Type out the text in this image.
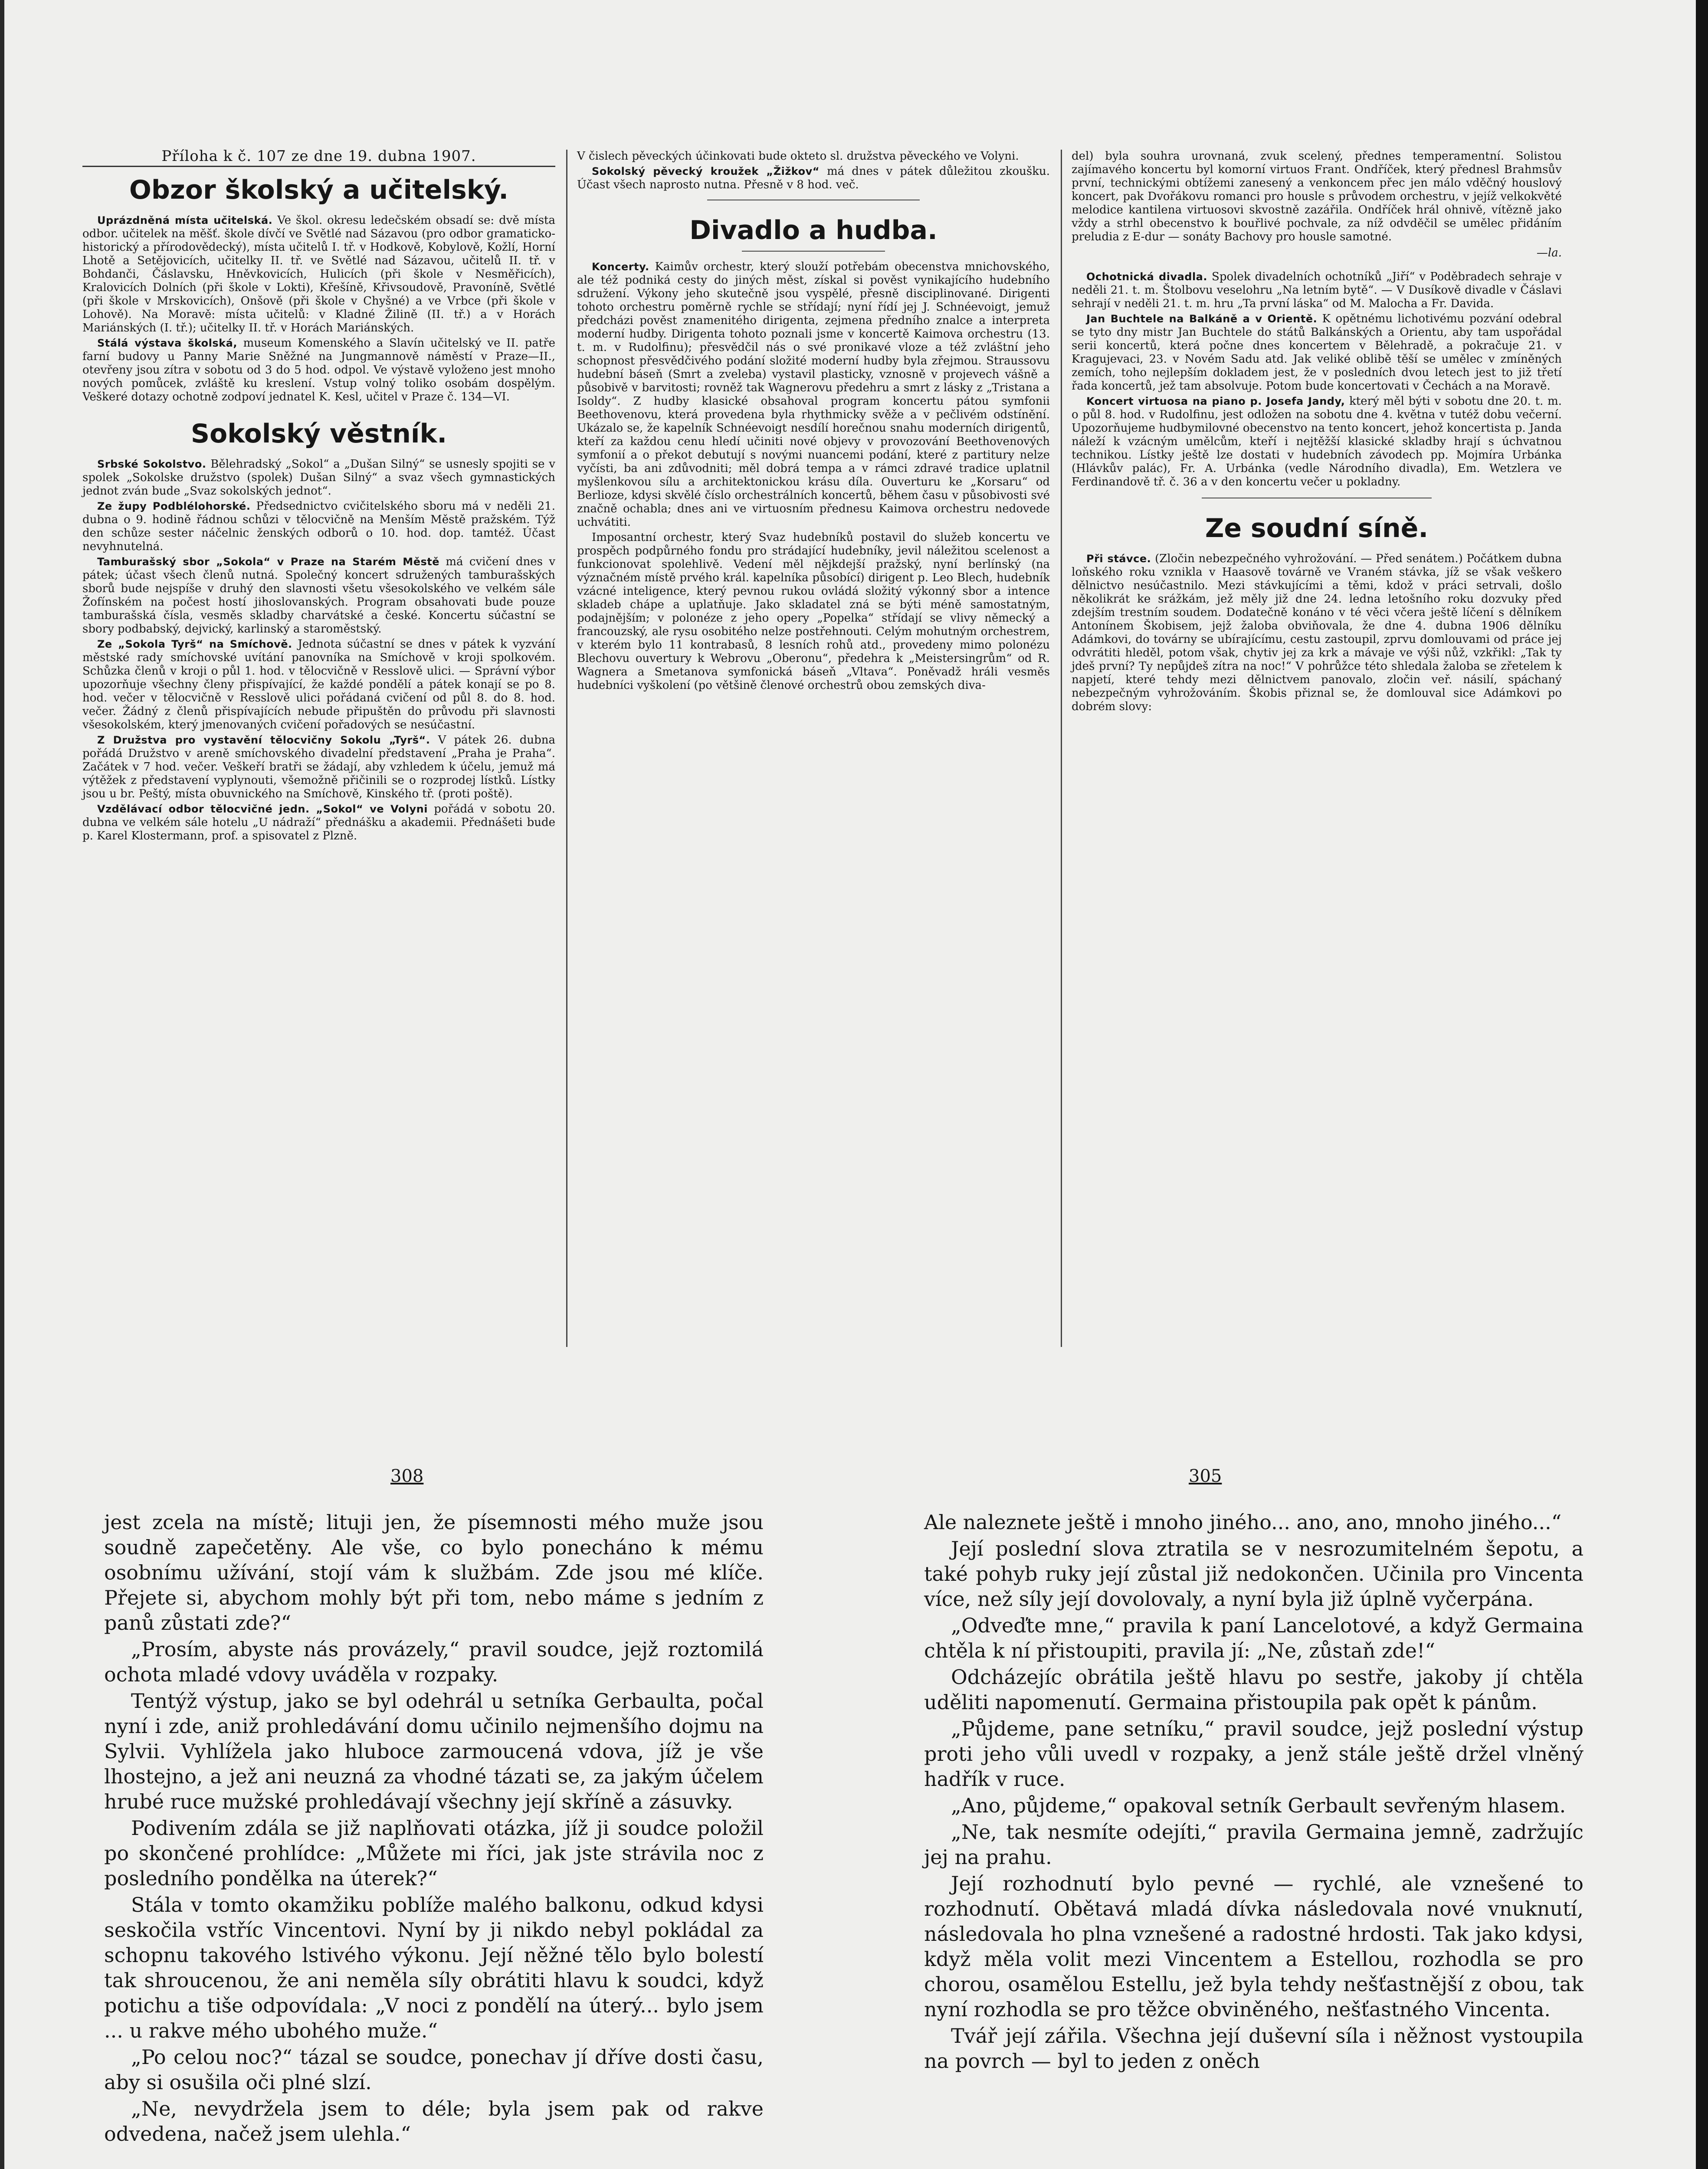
Příloha k č. 107 ze dne 19. dubna 1907.
Obzor školský a učitelský.

Uprázdněná místa učitelská. Ve škol. okresu ledečském obsadí se: dvě místa odbor. učitelek na měšť. škole dívčí ve Světlé nad Sázavou (pro odbor gramaticko-historický a přírodovědecký), místa učitelů I. tř. v Hodkově, Kobylově, Kožlí, Horní Lhotě a Setějovicích, učitelky II. tř. ve Světlé nad Sázavou, učitelů II. tř. v Bohdanči, Čáslavsku, Hněvkovicích, Hulicích (při škole v Nesměřicích), Kralovicích Dolních (při škole v Lokti), Křešíně, Křivsoudově, Pravoníně, Světlé (při škole v Mrskovicích), Onšově (při škole v Chyšné) a ve Vrbce (při škole v Lohově). Na Moravě: místa učitelů: v Kladné Žilině (II. tř.) a v Horách Mariánských (I. tř.); učitelky II. tř. v Horách Mariánských.

Stálá výstava školská, museum Komenského a Slavín učitelský ve II. patře farní budovy u Panny Marie Sněžné na Jungmannově náměstí v Praze—II., otevřeny jsou zítra v sobotu od 3 do 5 hod. odpol. Ve výstavě vyloženo jest mnoho nových pomůcek, zvláště ku kreslení. Vstup volný toliko osobám dospělým. Veškeré dotazy ochotně zodpoví jednatel K. Kesl, učitel v Praze č. 134—VI.

Sokolský věstník.

Srbské Sokolstvo. Bělehradský „Sokol“ a „Dušan Silný“ se usnesly spojiti se v spolek „Sokolske družstvo (spolek) Dušan Silný“ a svaz všech gymnastických jednot zván bude „Svaz sokolských jednot“.

Ze župy Podblélohorské. Předsednictvo cvičitelského sboru má v neděli 21. dubna o 9. hodině řádnou schůzi v tělocvičně na Menším Městě pražském. Týž den schůze sester náčelnic ženských odborů o 10. hod. dop. tamtéž. Účast nevyhnutelná.

Tamburašský sbor „Sokola“ v Praze na Starém Městě má cvičení dnes v pátek; účast všech členů nutná. Společný koncert sdružených tamburašských sborů bude nejspíše v druhý den slavnosti všetu všesokolského ve velkém sále Žofínském na počest hostí jihoslovanských. Program obsahovati bude pouze tamburašská čísla, vesměs skladby charvátské a české. Koncertu súčastní se sbory podbabský, dejvický, karlinský a staroměstský.

Ze „Sokola Tyrš“ na Smíchově. Jednota súčastní se dnes v pátek k vyzvání městské rady smíchovské uvítání panovníka na Smíchově v kroji spolkovém. Schůzka členů v kroji o půl 1. hod. v tělocvičně v Resslově ulici. — Správní výbor upozorňuje všechny členy přispívající, že každé pondělí a pátek konají se po 8. hod. večer v tělocvičně v Resslově ulici pořádaná cvičení od půl 8. do 8. hod. večer. Žádný z členů přispívajících nebude připuštěn do průvodu při slavnosti všesokolském, který jmenovaných cvičení pořadových se nesúčastní.

Z Družstva pro vystavění tělocvičny Sokolu „Tyrš“. V pátek 26. dubna pořádá Družstvo v areně smíchovského divadelní představení „Praha je Praha“. Začátek v 7 hod. večer. Veškeří bratři se žádají, aby vzhledem k účelu, jemuž má výtěžek z představení vyplynouti, všemožně přičinili se o rozprodej lístků. Lístky jsou u br. Peštý, místa obuvnického na Smíchově, Kinského tř. (proti poště).

Vzdělávací odbor tělocvičné jedn. „Sokol“ ve Volyni pořádá v sobotu 20. dubna ve velkém sále hotelu „U nádraží“ přednášku a akademii. Přednášeti bude p. Karel Klostermann, prof. a spisovatel z Plzně.

V čislech pěveckých účinkovati bude okteto sl. družstva pěveckého ve Volyni.

Sokolský pěvecký kroužek „Žižkov“ má dnes v pátek důležitou zkoušku. Účast všech naprosto nutna. Přesně v 8 hod. več.

Divadlo a hudba.

Koncerty. Kaimův orchestr, který slouží potřebám obecenstva mnichovského, ale též podniká cesty do jiných měst, získal si pověst vynikajícího hudebního sdružení. Výkony jeho skutečně jsou vyspělé, přesně disciplinované. Dirigenti tohoto orchestru poměrně rychle se střídají; nyní řídí jej J. Schnéevoigt, jemuž předcházi pověst znamenitého dirigenta, zejmena předního znalce a interpreta moderní hudby. Dirigenta tohoto poznali jsme v koncertě Kaimova orchestru (13. t. m. v Rudolfinu); přesvědčil nás o své pronikavé vloze a též zvláštní jeho schopnost přesvědčivého podání složité moderní hudby byla zřejmou. Straussovu hudební báseň (Smrt a zveleba) vystavil plasticky, vznosně v projevech vášně a působivě v barvitosti; rovněž tak Wagnerovu předehru a smrt z lásky z „Tristana a Isoldy“. Z hudby klasické obsahoval program koncertu pátou symfonii Beethovenovu, která provedena byla rhythmicky svěže a v pečlivém odstínění. Ukázalo se, že kapelník Schnéevoigt nesdílí horečnou snahu moderních dirigentů, kteří za každou cenu hledí učiniti nové objevy v provozování Beethovenových symfonií a o překot debutují s novými nuancemi podání, které z partitury nelze vyčísti, ba ani zdůvodniti; měl dobrá tempa a v rámci zdravé tradice uplatnil myšlenkovou sílu a architektonickou krásu díla. Ouverturu ke „Korsaru“ od Berlioze, kdysi skvělé číslo orchestrálních koncertů, během času v působivosti své značně ochabla; dnes ani ve virtuosním přednesu Kaimova orchestru nedovede uchvátiti.

Imposantní orchestr, který Svaz hudebníků postavil do služeb koncertu ve prospěch podpůrného fondu pro strádající hudebníky, jevil náležitou scelenost a funkcionovat spolehlivě. Vedení měl nějkdejší pražský, nyní berlínský (na význačném místě prvého král. kapelníka působící) dirigent p. Leo Blech, hudebník vzácné inteligence, který pevnou rukou ovládá složitý výkonný sbor a intence skladeb chápe a uplatňuje. Jako skladatel zná se býti méně samostatným, podajnějším; v polonéze z jeho opery „Popelka“ střídají se vlivy německý a francouzský, ale rysu osobitého nelze postřehnouti. Celým mohutným orchestrem, v kterém bylo 11 kontrabasů, 8 lesních rohů atd., provedeny mimo polonézu Blechovu ouvertury k Webrovu „Oberonu“, předehra k „Meistersingrům“ od R. Wagnera a Smetanova symfonická báseň „Vltava“. Poněvadž hráli vesměs hudebníci vyškolení (po většině členové orchestrů obou zemských diva-

del) byla souhra urovnaná, zvuk scelený, přednes temperamentní. Solistou zajímavého koncertu byl komorní virtuos Frant. Ondříček, který přednesl Brahmsův první, technickými obtížemi zanesený a venkoncem přec jen málo vděčný houslový koncert, pak Dvořákovu romanci pro housle s průvodem orchestru, v jejíž velkokvěté melodice kantilena virtuosovi skvostně zazářila. Ondříček hrál ohnivě, vítězně jako vždy a strhl obecenstvo k bouřlivé pochvale, za níž odvděčil se umělec přidáním preludia z E-dur — sonáty Bachovy pro housle samotné.

—la.

Ochotnická divadla. Spolek divadelních ochotníků „Jiří“ v Poděbradech sehraje v neděli 21. t. m. Štolbovu veselohru „Na letním bytě“. — V Dusíkově divadle v Čáslavi sehrají v neděli 21. t. m. hru „Ta první láska“ od M. Malocha a Fr. Davida.

Jan Buchtele na Balkáně a v Orientě. K opětnému lichotivému pozvání odebral se tyto dny mistr Jan Buchtele do států Balkánských a Orientu, aby tam uspořádal serii koncertů, která počne dnes koncertem v Bělehradě, a pokračuje 21. v Kragujevaci, 23. v Novém Sadu atd. Jak veliké oblibě těší se umělec v zmíněných zemích, toho nejlepším dokladem jest, že v posledních dvou letech jest to již třetí řada koncertů, jež tam absolvuje. Potom bude koncertovati v Čechách a na Moravě.

Koncert virtuosa na piano p. Josefa Jandy, který měl býti v sobotu dne 20. t. m. o půl 8. hod. v Rudolfinu, jest odložen na sobotu dne 4. května v tutéž dobu večerní. Upozorňujeme hudbymilovné obecenstvo na tento koncert, jehož koncertista p. Janda náleží k vzácným umělcům, kteří i nejtěžší klasické skladby hrají s úchvatnou technikou. Lístky ještě lze dostati v hudebních závodech pp. Mojmíra Urbánka (Hlávkův palác), Fr. A. Urbánka (vedle Národního divadla), Em. Wetzlera ve Ferdinandově tř. č. 36 a v den koncertu večer u pokladny.

Ze soudní síně.

Při stávce. (Zločin nebezpečného vyhrožování. — Před senátem.) Počátkem dubna loňského roku vznikla v Haasově továrně ve Vraném stávka, jíž se však veškero dělnictvo nesúčastnilo. Mezi stávkujícími a těmi, kdož v práci setrvali, došlo několikrát ke srážkám, jež měly již dne 24. ledna letošního roku dozvuky před zdejším trestním soudem. Dodatečně konáno v té věci včera ještě líčení s dělníkem Antonínem Škobisem, jejž žaloba obviňovala, že dne 4. dubna 1906 dělníku Adámkovi, do továrny se ubírajícímu, cestu zastoupil, zprvu domlouvami od práce jej odvrátiti hleděl, potom však, chytiv jej za krk a mávaje ve výši nůž, vzkřikl: „Tak ty jdeš první? Ty nepůjdeš zítra na noc!“ V pohrůžce této shledala žaloba se zřetelem k napjetí, které tehdy mezi dělnictvem panovalo, zločin veř. násilí, spáchaný nebezpečným vyhrožováním. Škobis přiznal se, že domlouval sice Adámkovi po dobrém slovy:

308	305

jest zcela na místě; lituji jen, že písemnosti mého muže jsou soudně zapečetěny. Ale vše, co bylo ponecháno k mému osobnímu užívání, stojí vám k službám. Zde jsou mé klíče. Přejete si, abychom mohly být při tom, nebo máme s jedním z panů zůstati zde?“

„Prosím, abyste nás provázely,“ pravil soudce, jejž roztomilá ochota mladé vdovy uváděla v rozpaky.

Tentýž výstup, jako se byl odehrál u setníka Gerbaulta, počal nyní i zde, aniž prohledávání domu učinilo nejmenšího dojmu na Sylvii. Vyhlížela jako hluboce zarmoucená vdova, jíž je vše lhostejno, a jež ani neuzná za vhodné tázati se, za jakým účelem hrubé ruce mužské prohledávají všechny její skříně a zásuvky.

Podivením zdála se již naplňovati otázka, jíž ji soudce položil po skončené prohlídce: „Můžete mi říci, jak jste strávila noc z posledního pondělka na úterek?“

Stála v tomto okamžiku poblíže malého balkonu, odkud kdysi seskočila vstříc Vincentovi. Nyní by ji nikdo nebyl pokládal za schopnu takového lstivého výkonu. Její něžné tělo bylo bolestí tak shroucenou, že ani neměla síly obrátiti hlavu k soudci, když potichu a tiše odpovídala: „V noci z pondělí na úterý... bylo jsem ... u rakve mého ubohého muže.“

„Po celou noc?“ tázal se soudce, ponechav jí dříve dosti času, aby si osušila oči plné slzí.

„Ne, nevydržela jsem to déle; byla jsem pak od rakve odvedena, načež jsem ulehla.“

Ale naleznete ještě i mnoho jiného... ano, ano, mnoho jiného...“

Její poslední slova ztratila se v nesrozumitelném šepotu, a také pohyb ruky její zůstal již nedokončen. Učinila pro Vincenta více, než síly její dovolovaly, a nyní byla již úplně vyčerpána.

„Odveďte mne,“ pravila k paní Lancelotové, a když Germaina chtěla k ní přistoupiti, pravila jí: „Ne, zůstaň zde!“

Odcházejíc obrátila ještě hlavu po sestře, jakoby jí chtěla uděliti napomenutí. Germaina přistoupila pak opět k pánům.

„Půjdeme, pane setníku,“ pravil soudce, jejž poslední výstup proti jeho vůli uvedl v rozpaky, a jenž stále ještě držel vlněný hadřík v ruce.

„Ano, půjdeme,“ opakoval setník Gerbault sevřeným hlasem.

„Ne, tak nesmíte odejíti,“ pravila Germaina jemně, zadržujíc jej na prahu.

Její rozhodnutí bylo pevné — rychlé, ale vznešené to rozhodnutí. Obětavá mladá dívka následovala nové vnuknutí, následovala ho plna vznešené a radostné hrdosti. Tak jako kdysi, když měla volit mezi Vincentem a Estellou, rozhodla se pro chorou, osamělou Estellu, jež byla tehdy nešťastnější z obou, tak nyní rozhodla se pro těžce obviněného, nešťastného Vincenta.

Tvář její zářila. Všechna její duševní síla i něžnost vystoupila na povrch — byl to jeden z oněch
